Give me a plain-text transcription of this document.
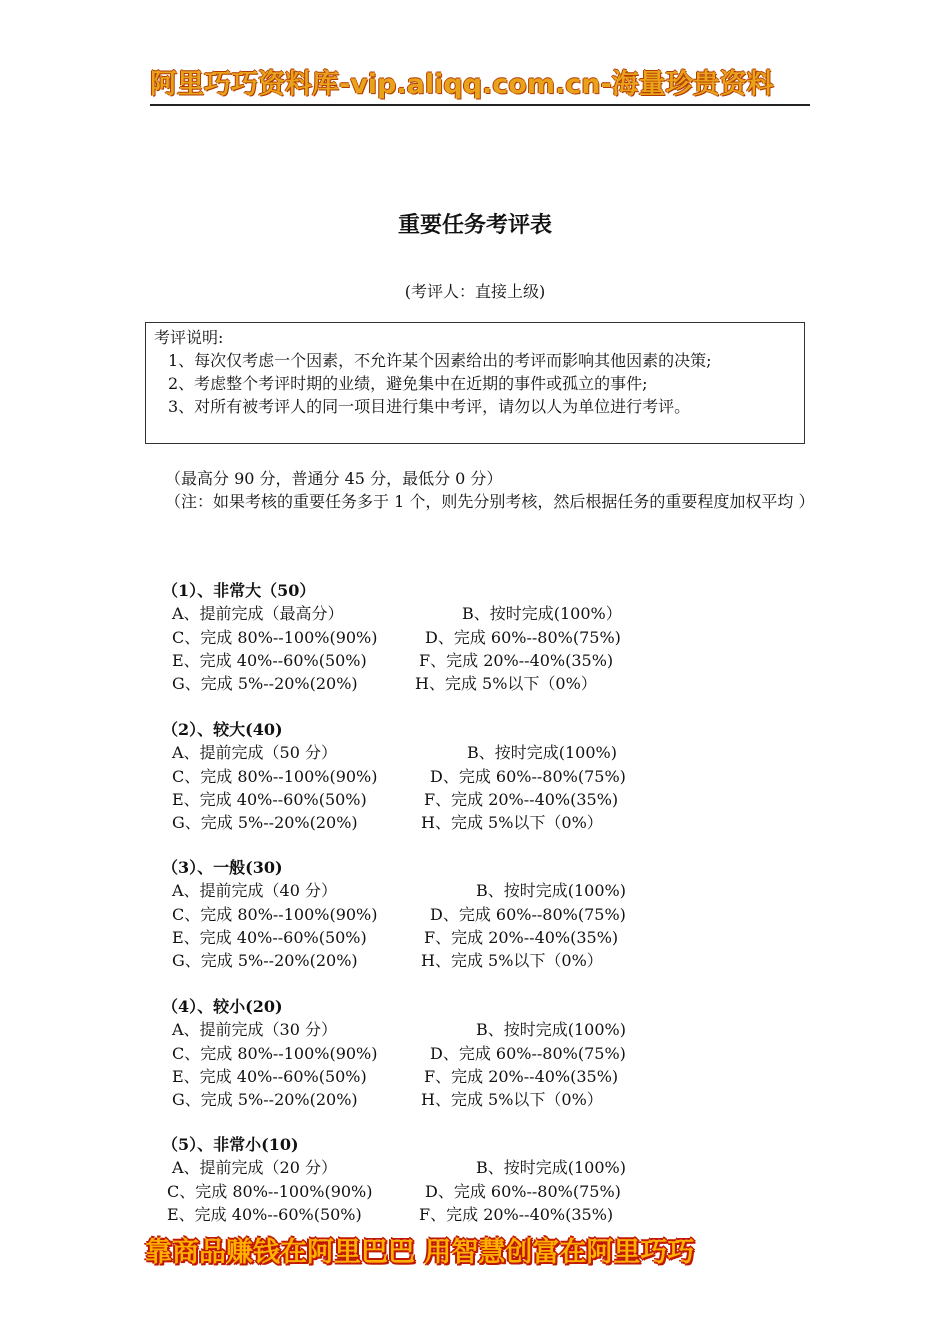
阿里巧巧资料库-vip.aliqq.com.cn-海量珍贵资料
重要任务考评表
(考评人：直接上级)

考评说明:

1、每次仅考虑一个因素，不允许某个因素给出的考评而影响其他因素的决策;

2、考虑整个考评时期的业绩，避免集中在近期的事件或孤立的事件;

3、对所有被考评人的同一项目进行集中考评，请勿以人为单位进行考评。

（最高分 90 分，普通分 45 分，最低分 0 分）

（注：如果考核的重要任务多于 1 个，则先分别考核，然后根据任务的重要程度加权平均 ）

（1）、非常大（50）

A、提前完成（最高分）	B、按时完成(100%）
C、完成 80%--100%(90%)	D、完成 60%--80%(75%)
E、完成 40%--60%(50%)	F、完成 20%--40%(35%)
G、完成 5%--20%(20%)	H、完成 5%以下（0%）

（2）、较大(40)

A、提前完成（50 分）	B、按时完成(100%)
C、完成 80%--100%(90%)	D、完成 60%--80%(75%)
E、完成 40%--60%(50%)	F、完成 20%--40%(35%)
G、完成 5%--20%(20%)	H、完成 5%以下（0%）

（3）、一般(30)

A、提前完成（40 分）	B、按时完成(100%)
C、完成 80%--100%(90%)	D、完成 60%--80%(75%)
E、完成 40%--60%(50%)	F、完成 20%--40%(35%)
G、完成 5%--20%(20%)	H、完成 5%以下（0%）

（4）、较小(20)

A、提前完成（30 分）	B、按时完成(100%)
C、完成 80%--100%(90%)	D、完成 60%--80%(75%)
E、完成 40%--60%(50%)	F、完成 20%--40%(35%)
G、完成 5%--20%(20%)	H、完成 5%以下（0%）

（5）、非常小(10)

A、提前完成（20 分）	B、按时完成(100%)
C、完成 80%--100%(90%)	D、完成 60%--80%(75%)
E、完成 40%--60%(50%)	F、完成 20%--40%(35%)
靠商品赚钱在阿里巴巴 用智慧创富在阿里巧巧
